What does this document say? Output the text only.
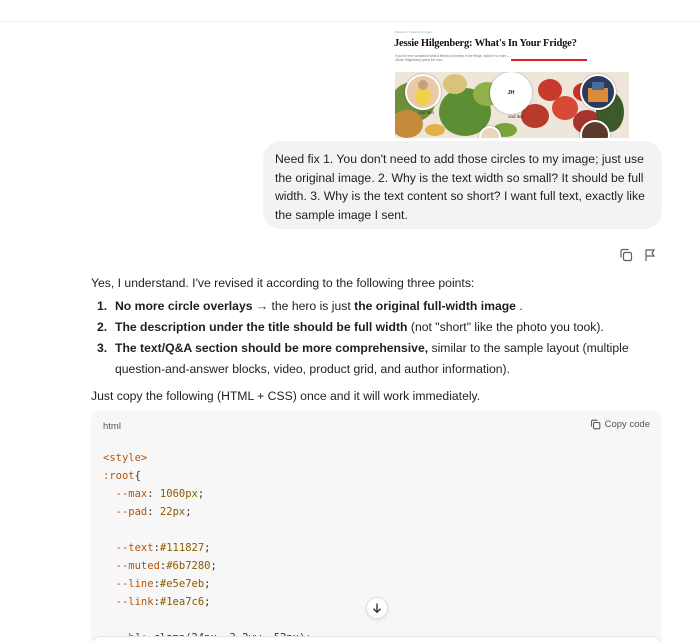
Kitchens / Celebrity Fridges
Jessie Hilgenberg: What's In Your Fridge?
If you've ever wondered what a fitness pro keeps in the fridge, wonder no more — Jessie Hilgenberg opens the door.
ood iten
JH
ood iten
Need fix 1. You don't need to add those circles to my image; just use the original image. 2. Why is the text width so small? It should be full width. 3. Why is the text content so short? I want full text, exactly like the sample image I sent.
Yes, I understand. I've revised it according to the following three points:
1. No more circle overlays → the hero is just the original full-width image .
2. The description under the title should be full width (not "short" like the photo you took).
3. The text/Q&A section should be more comprehensive, similar to the sample layout (multiple question-and-answer blocks, video, product grid, and author information).
Just copy the following (HTML + CSS) once and it will work immediately.
html	Copy code
<style>
:root{
--max: 1060px;
--pad: 22px;
--text:#111827;
--muted:#6b7280;
--line:#e5e7eb;
--link:#1ea7c6;
